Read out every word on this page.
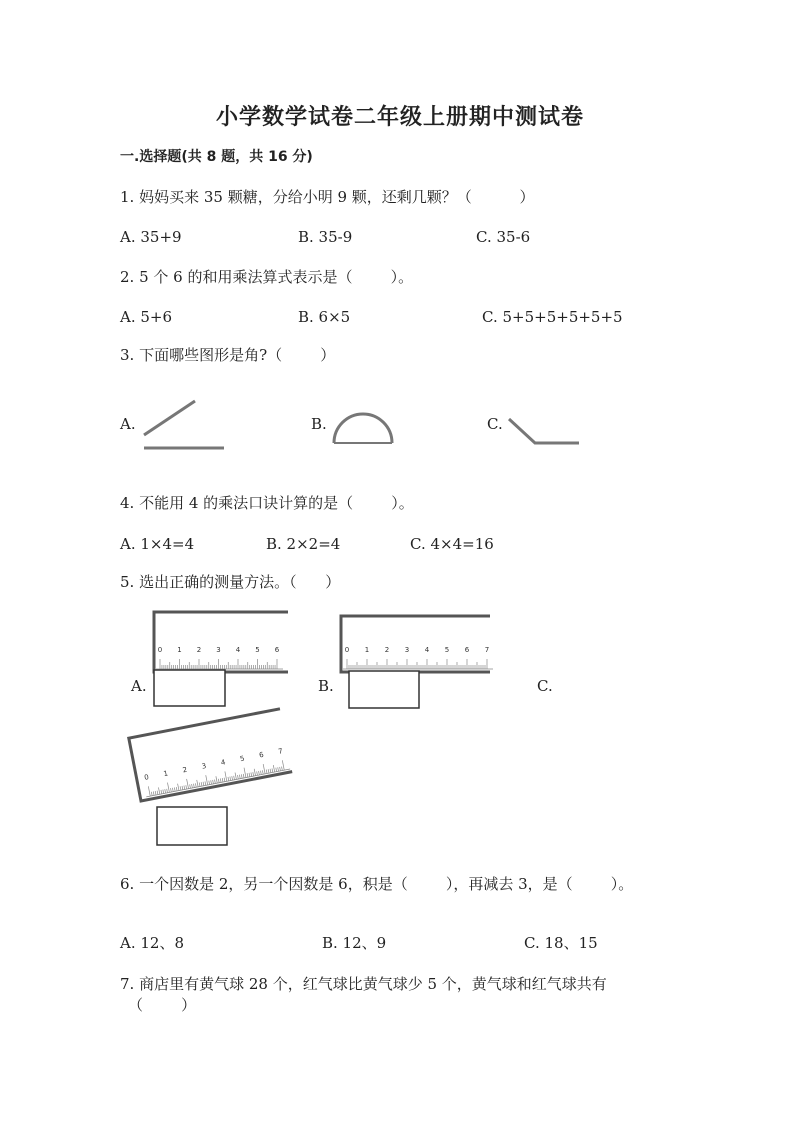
小学数学试卷二年级上册期中测试卷
一.选择题(共 8 题，共 16 分)
1. 妈妈买来 35 颗糖，分给小明 9 颗，还剩几颗？（          ）
A. 35+9	B. 35-9	C. 35-6
2. 5 个 6 的和用乘法算式表示是（        ）。
A. 5+6	B. 6×5	C. 5+5+5+5+5+5
3. 下面哪些图形是角?（        ）
A.	B.	C.
4. 不能用 4 的乘法口诀计算的是（        ）。
A. 1×4=4	B. 2×2=4	C. 4×4=16
5. 选出正确的测量方法。（      ）
0 1 2 3 4 5 6
A.
0 1 2 3 4 5 6 7
B.	C.
0 1 2 3 4 5 6 7
6. 一个因数是 2，另一个因数是 6，积是（        ），再减去 3，是（        ）。
A. 12、8	B. 12、9	C. 18、15
7. 商店里有黄气球 28 个，红气球比黄气球少 5 个，黄气球和红气球共有
（        ）
